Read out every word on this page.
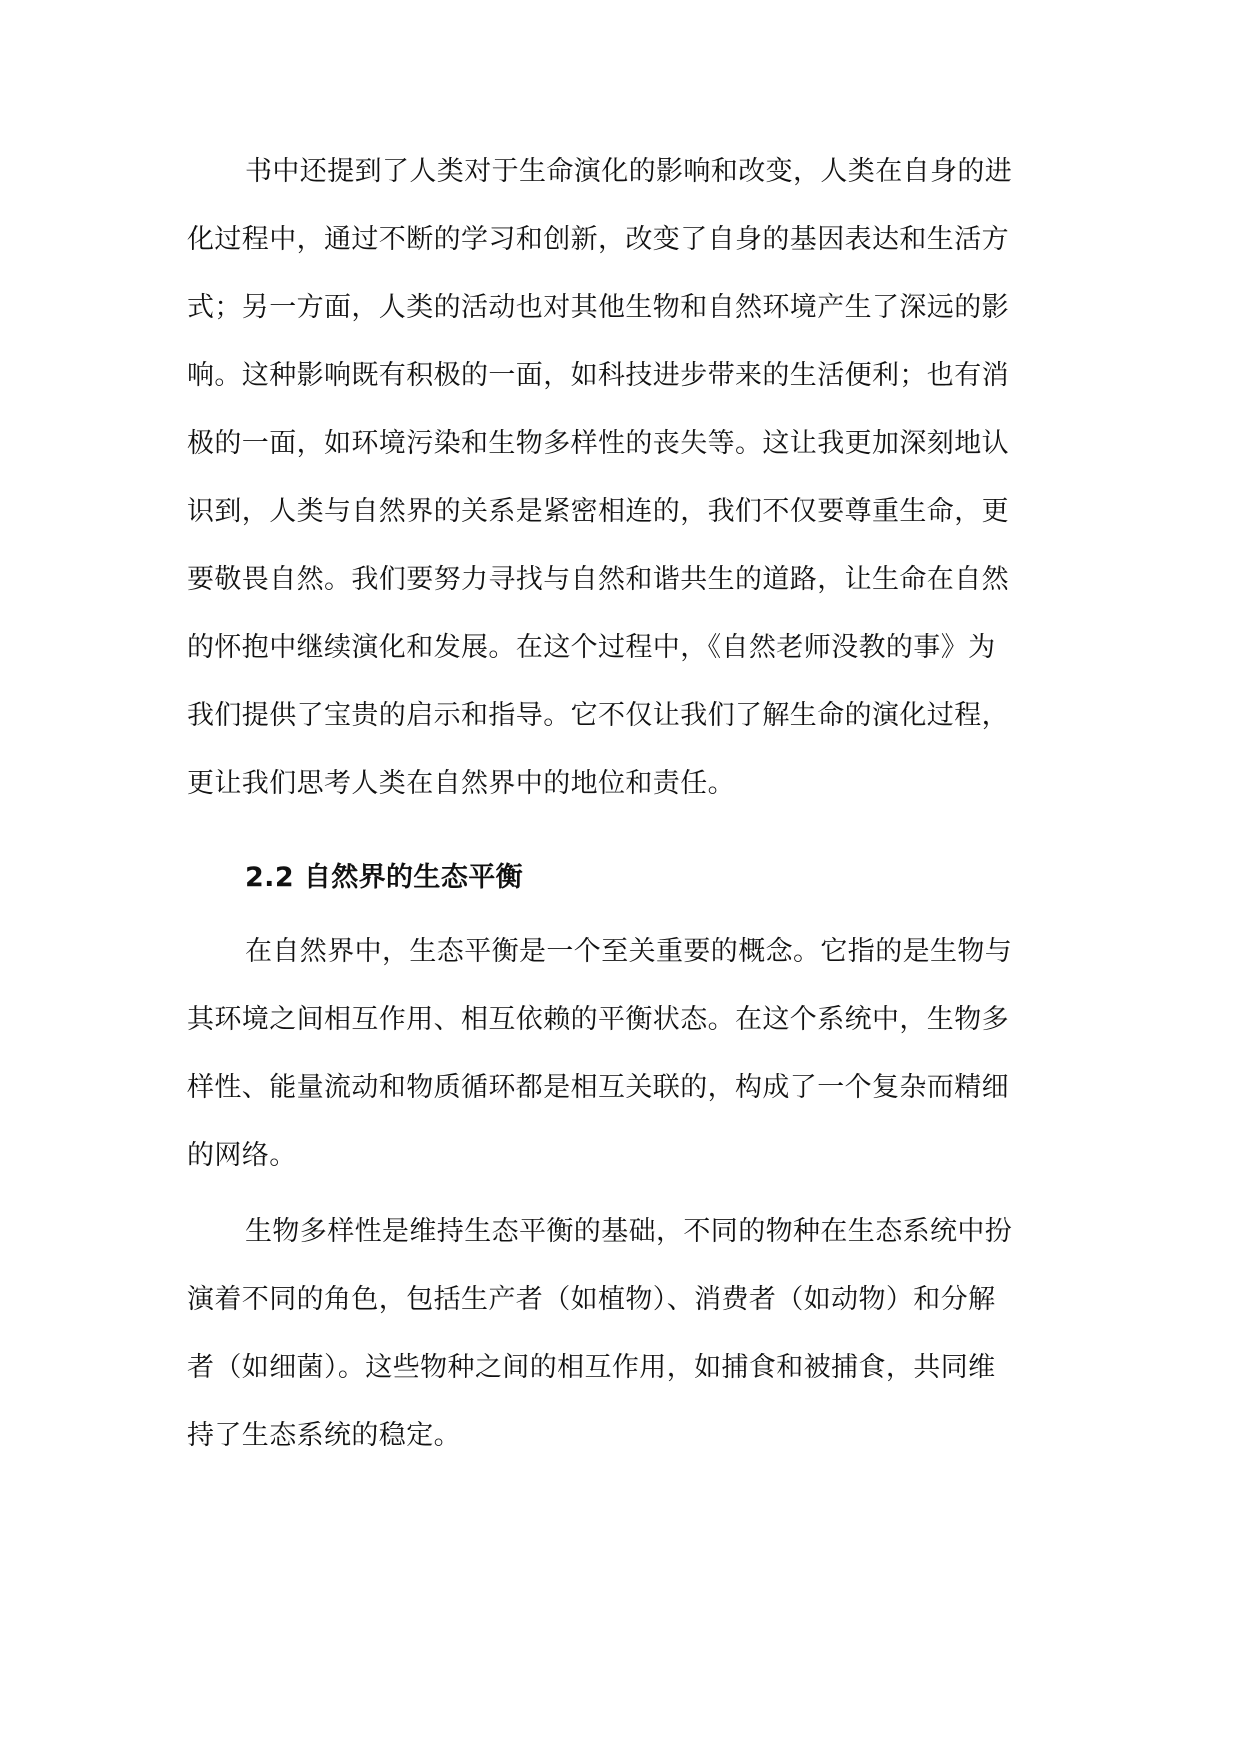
书中还提到了人类对于生命演化的影响和改变，人类在自身的进
化过程中，通过不断的学习和创新，改变了自身的基因表达和生活方
式；另一方面，人类的活动也对其他生物和自然环境产生了深远的影
响。这种影响既有积极的一面，如科技进步带来的生活便利；也有消
极的一面，如环境污染和生物多样性的丧失等。这让我更加深刻地认
识到，人类与自然界的关系是紧密相连的，我们不仅要尊重生命，更
要敬畏自然。我们要努力寻找与自然和谐共生的道路，让生命在自然
的怀抱中继续演化和发展。在这个过程中，《自然老师没教的事》为
我们提供了宝贵的启示和指导。它不仅让我们了解生命的演化过程，
更让我们思考人类在自然界中的地位和责任。
2.2 自然界的生态平衡
在自然界中，生态平衡是一个至关重要的概念。它指的是生物与
其环境之间相互作用、相互依赖的平衡状态。在这个系统中，生物多
样性、能量流动和物质循环都是相互关联的，构成了一个复杂而精细
的网络。
生物多样性是维持生态平衡的基础，不同的物种在生态系统中扮
演着不同的角色，包括生产者（如植物）、消费者（如动物）和分解
者（如细菌）。这些物种之间的相互作用，如捕食和被捕食，共同维
持了生态系统的稳定。
